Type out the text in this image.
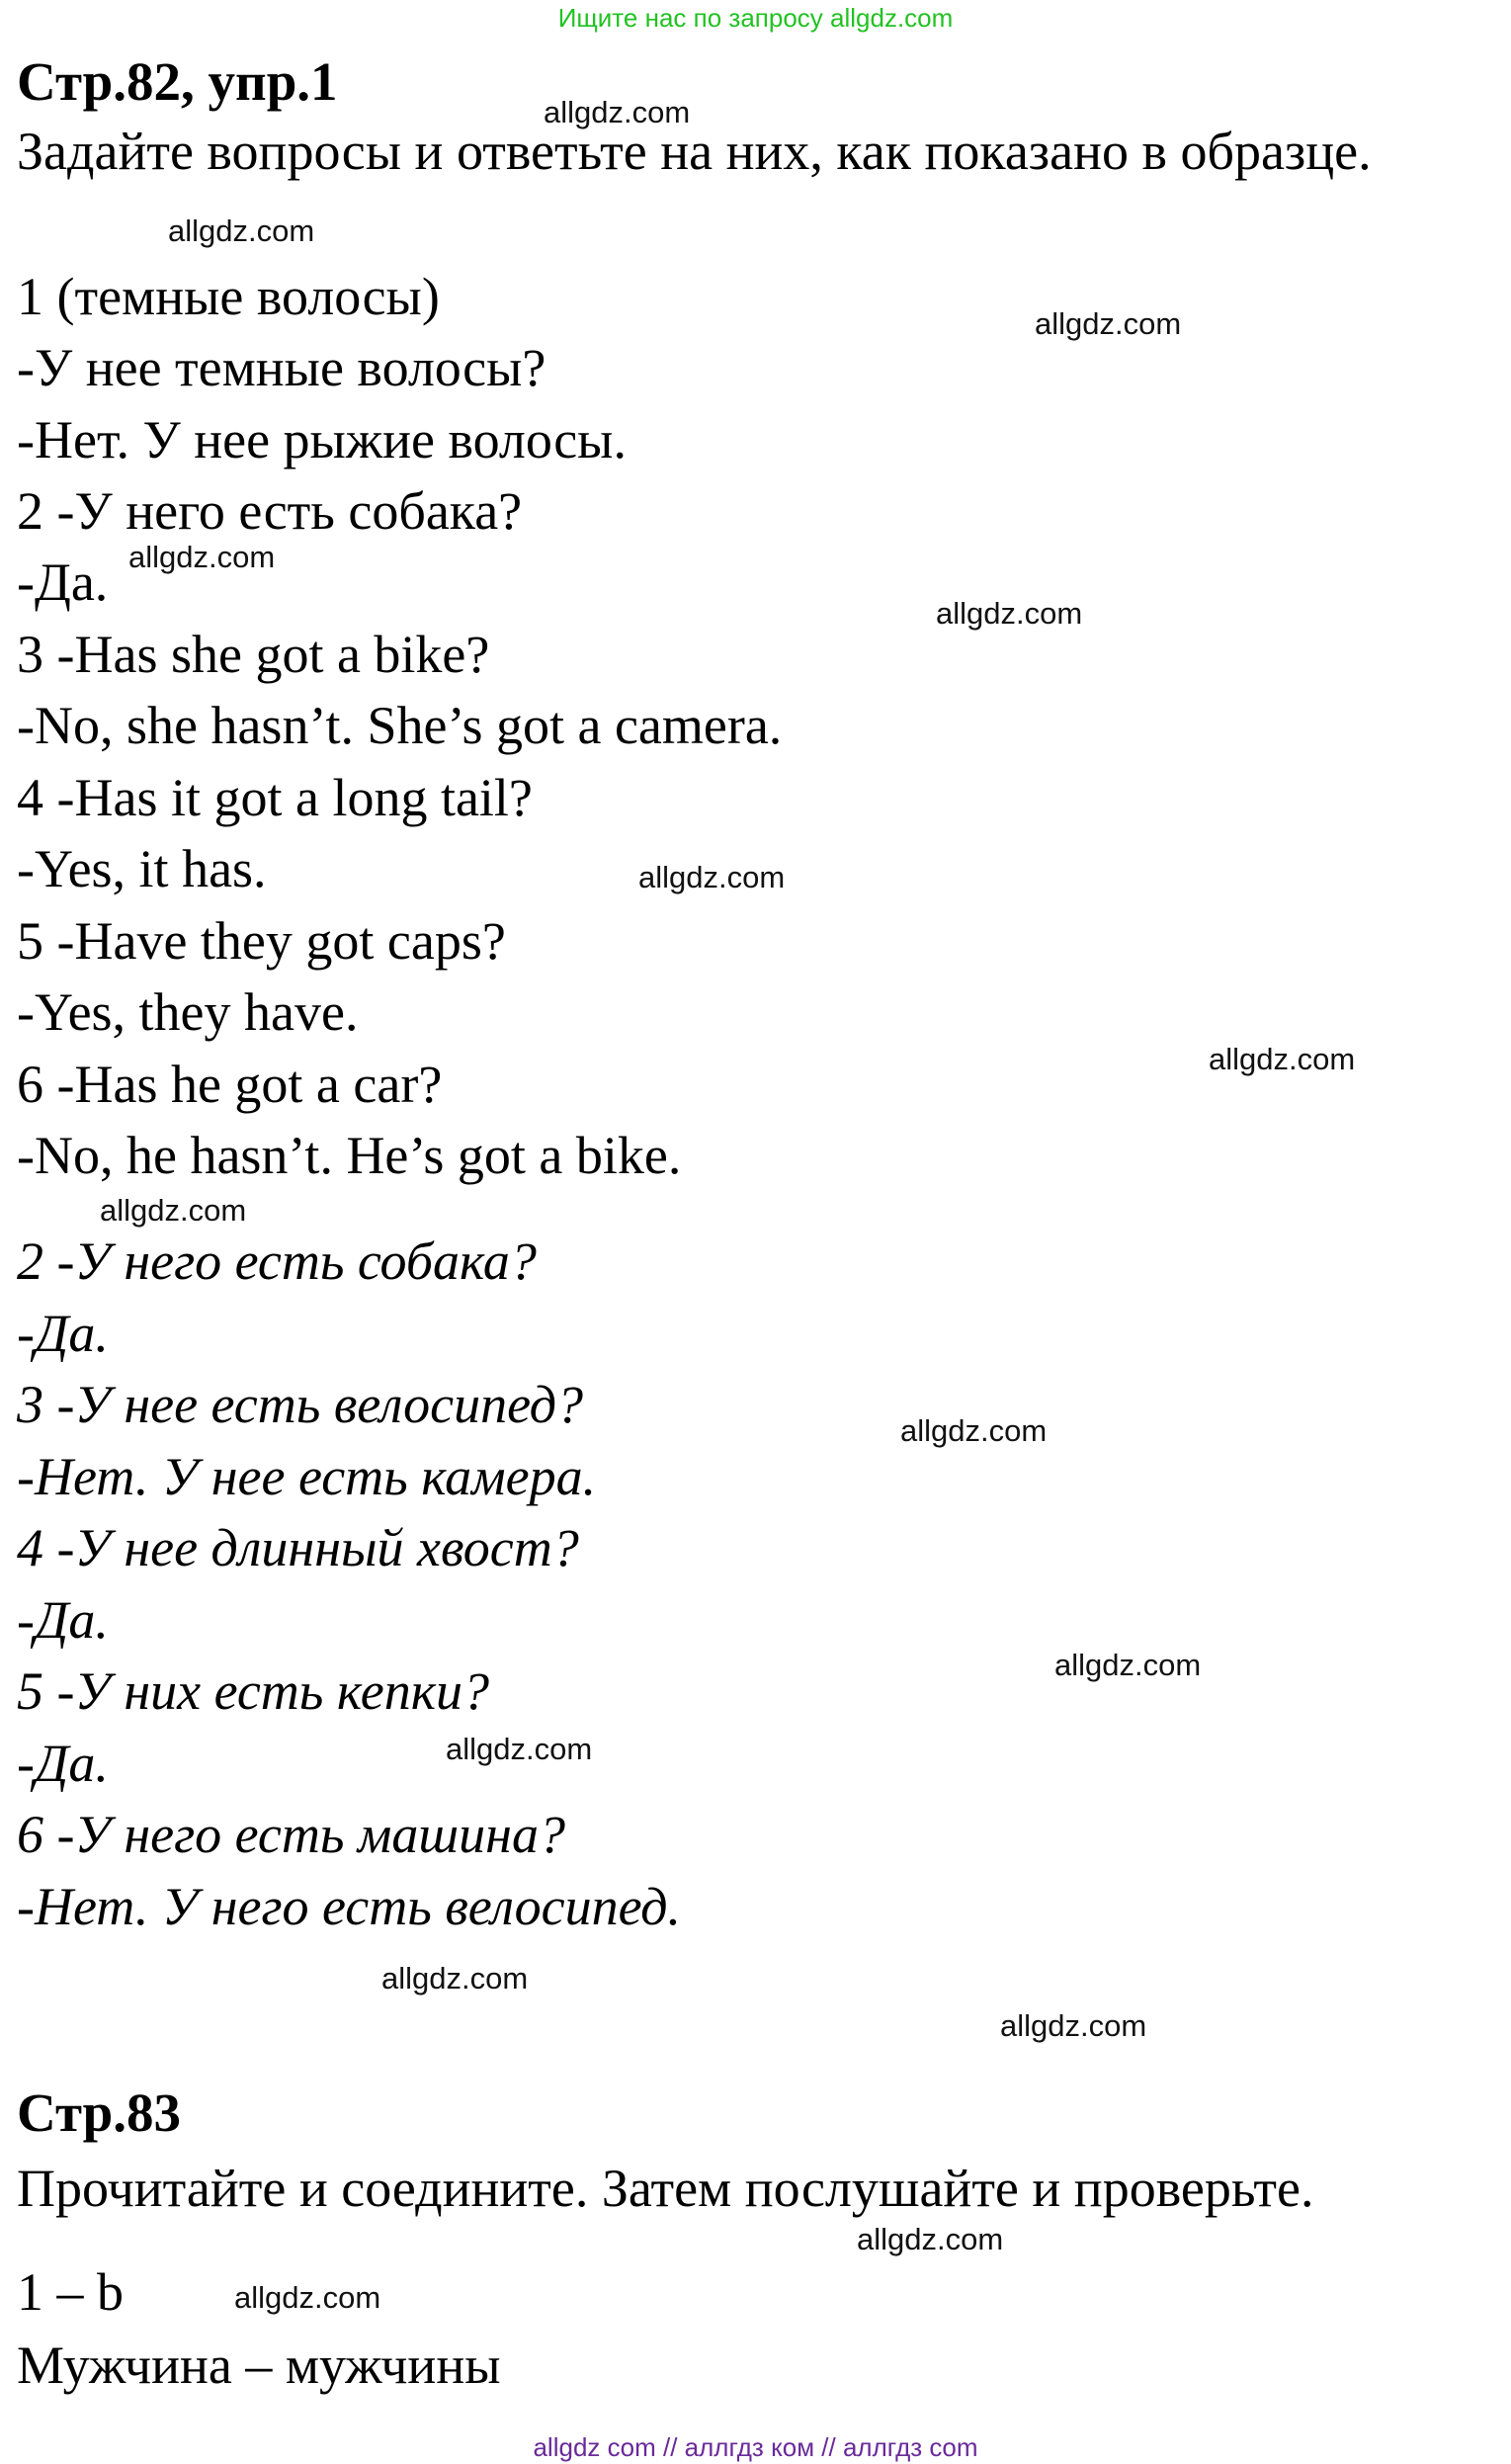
Ищите нас по запросу allgdz.com
Стр.82, упр.1
Задайте вопросы и ответьте на них, как показано в образце.
1 (темные волосы)
-У нее темные волосы?
-Нет. У нее рыжие волосы.
2 -У него есть собака?
-Да.
3 -Has she got a bike?
-No, she hasn’t. She’s got a camera.
4 -Has it got a long tail?
-Yes, it has.
5 -Have they got caps?
-Yes, they have.
6 -Has he got a car?
-No, he hasn’t. He’s got a bike.
2 -У него есть собака?
-Да.
3 -У нее есть велосипед?
-Нет. У нее есть камера.
4 -У нее длинный хвост?
-Да.
5 -У них есть кепки?
-Да.
6 -У него есть машина?
-Нет. У него есть велосипед.
Стр.83
Прочитайте и соедините. Затем послушайте и проверьте.
1 – b
Мужчина – мужчины
allgdz.com
allgdz.com
allgdz.com
allgdz.com
allgdz.com
allgdz.com
allgdz.com
allgdz.com
allgdz.com
allgdz.com
allgdz.com
allgdz.com
allgdz.com
allgdz.com
allgdz.com
allgdz com // аллгдз ком // аллгдз com
